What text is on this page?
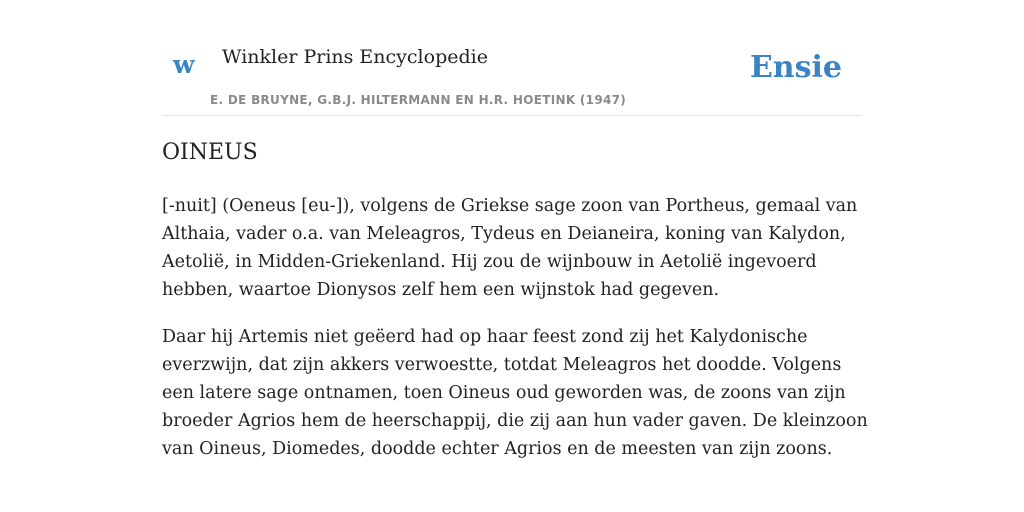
w Winkler Prins Encyclopedie
E. DE BRUYNE, G.B.J. HILTERMANN EN H.R. HOETINK (1947)
Ensie
OINEUS

[-nuit] (Oeneus [eu-]), volgens de Griekse sage zoon van Portheus, gemaal van Althaia, vader o.a. van Meleagros, Tydeus en Deianeira, koning van Kalydon, Aetolië, in Midden-Griekenland. Hij zou de wijnbouw in Aetolië ingevoerd hebben, waartoe Dionysos zelf hem een wijnstok had gegeven.

Daar hij Artemis niet geëerd had op haar feest zond zij het Kalydonische everzwijn, dat zijn akkers verwoestte, totdat Meleagros het doodde. Volgens een latere sage ontnamen, toen Oineus oud geworden was, de zoons van zijn broeder Agrios hem de heerschappij, die zij aan hun vader gaven. De kleinzoon van Oineus, Diomedes, doodde echter Agrios en de meesten van zijn zoons.
